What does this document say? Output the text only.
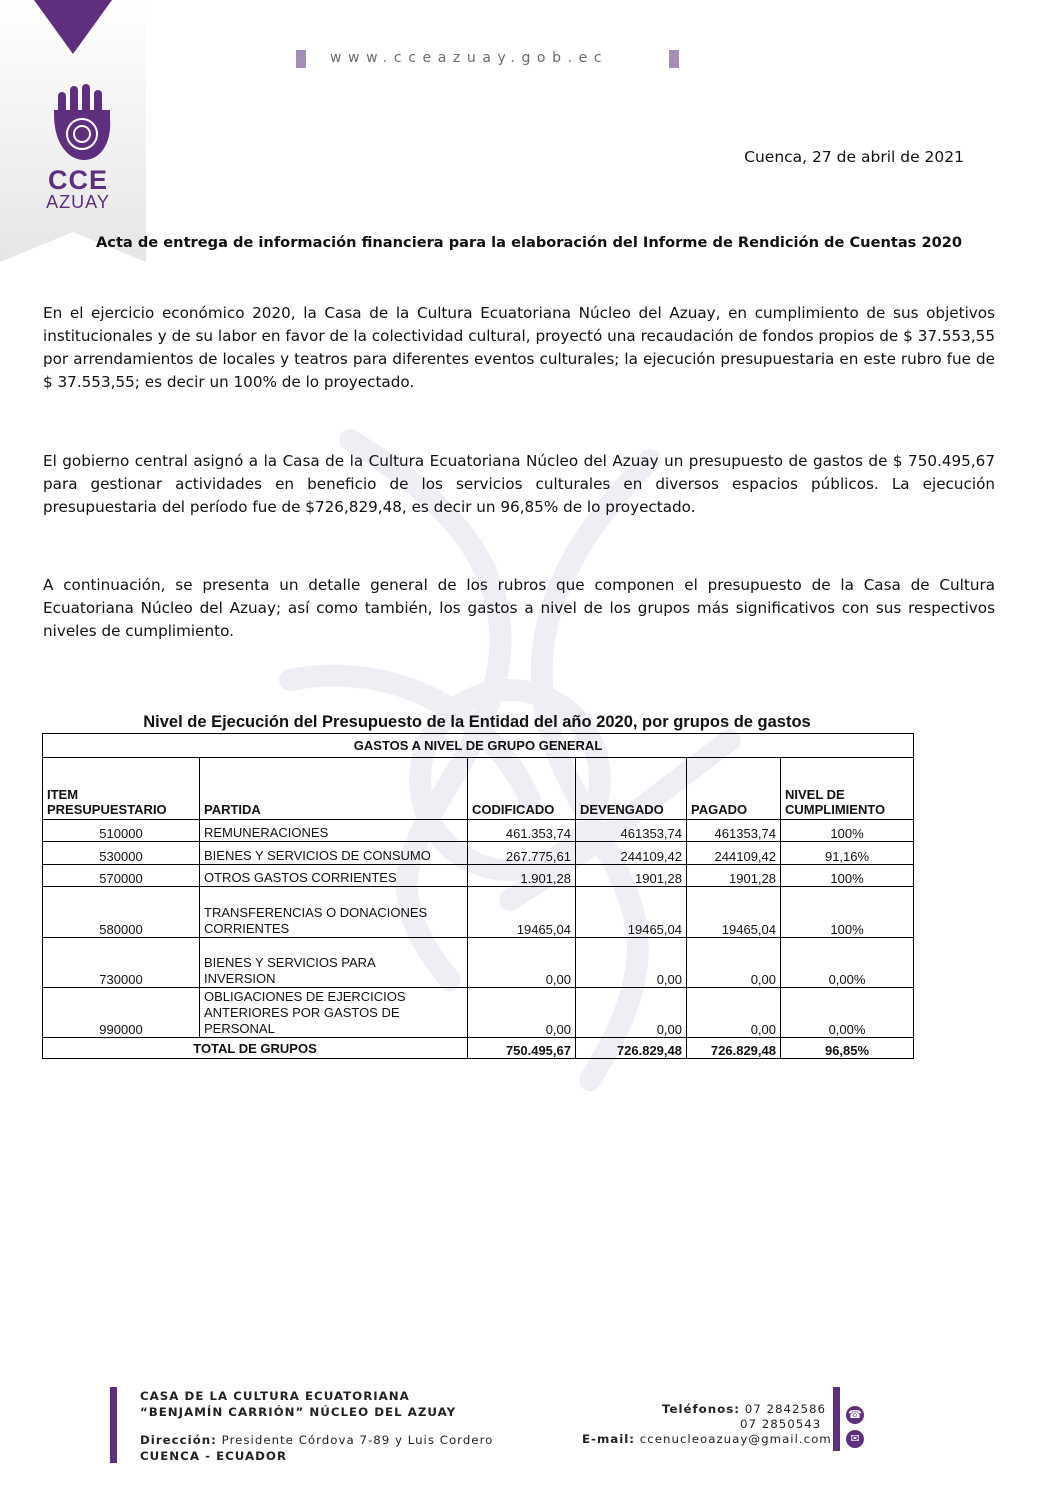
CCE
AZUAY
www.cceazuay.gob.ec
Cuenca, 27 de abril de 2021
Acta de entrega de información financiera para la elaboración del Informe de Rendición de Cuentas 2020
En el ejercicio económico 2020, la Casa de la Cultura Ecuatoriana Núcleo del Azuay, en cumplimiento de sus objetivos institucionales y de su labor en favor de la colectividad cultural, proyectó una recaudación de fondos propios de $ 37.553,55 por arrendamientos de locales y teatros para diferentes eventos culturales; la ejecución presupuestaria en este rubro fue de $ 37.553,55; es decir un 100% de lo proyectado.
El gobierno central asignó a la Casa de la Cultura Ecuatoriana Núcleo del Azuay un presupuesto de gastos de $ 750.495,67 para gestionar actividades en beneficio de los servicios culturales en diversos espacios públicos. La ejecución presupuestaria del período fue de $726,829,48, es decir un 96,85% de lo proyectado.
A continuación, se presenta un detalle general de los rubros que componen el presupuesto de la Casa de Cultura Ecuatoriana Núcleo del Azuay; así como también, los gastos a nivel de los grupos más significativos con sus respectivos niveles de cumplimiento.
Nivel de Ejecución del Presupuesto de la Entidad del año 2020, por grupos de gastos
GASTOS A NIVEL DE GRUPO GENERAL					
ITEM
PRESUPUESTARIO	PARTIDA	CODIFICADO	DEVENGADO	PAGADO	NIVEL DE
CUMPLIMIENTO
510000	REMUNERACIONES	461.353,74	461353,74	461353,74	100%
530000	BIENES Y SERVICIOS DE CONSUMO	267.775,61	244109,42	244109,42	91,16%
570000	OTROS GASTOS CORRIENTES	1.901,28	1901,28	1901,28	100%
580000	TRANSFERENCIAS O DONACIONES
CORRIENTES	19465,04	19465,04	19465,04	100%
730000	BIENES Y SERVICIOS PARA
INVERSION	0,00	0,00	0,00	0,00%
990000	OBLIGACIONES DE EJERCICIOS
ANTERIORES POR GASTOS DE
PERSONAL	0,00	0,00	0,00	0,00%
TOTAL DE GRUPOS		750.495,67	726.829,48	726.829,48	96,85%
CASA DE LA CULTURA ECUATORIANA
“BENJAMÍN CARRIÓN” NÚCLEO DEL AZUAY
Dirección: Presidente Córdova 7-89 y Luis Cordero
CUENCA - ECUADOR
Teléfonos: 07 2842586
07 2850543
E-mail: ccenucleoazuay@gmail.com
☎
✉
